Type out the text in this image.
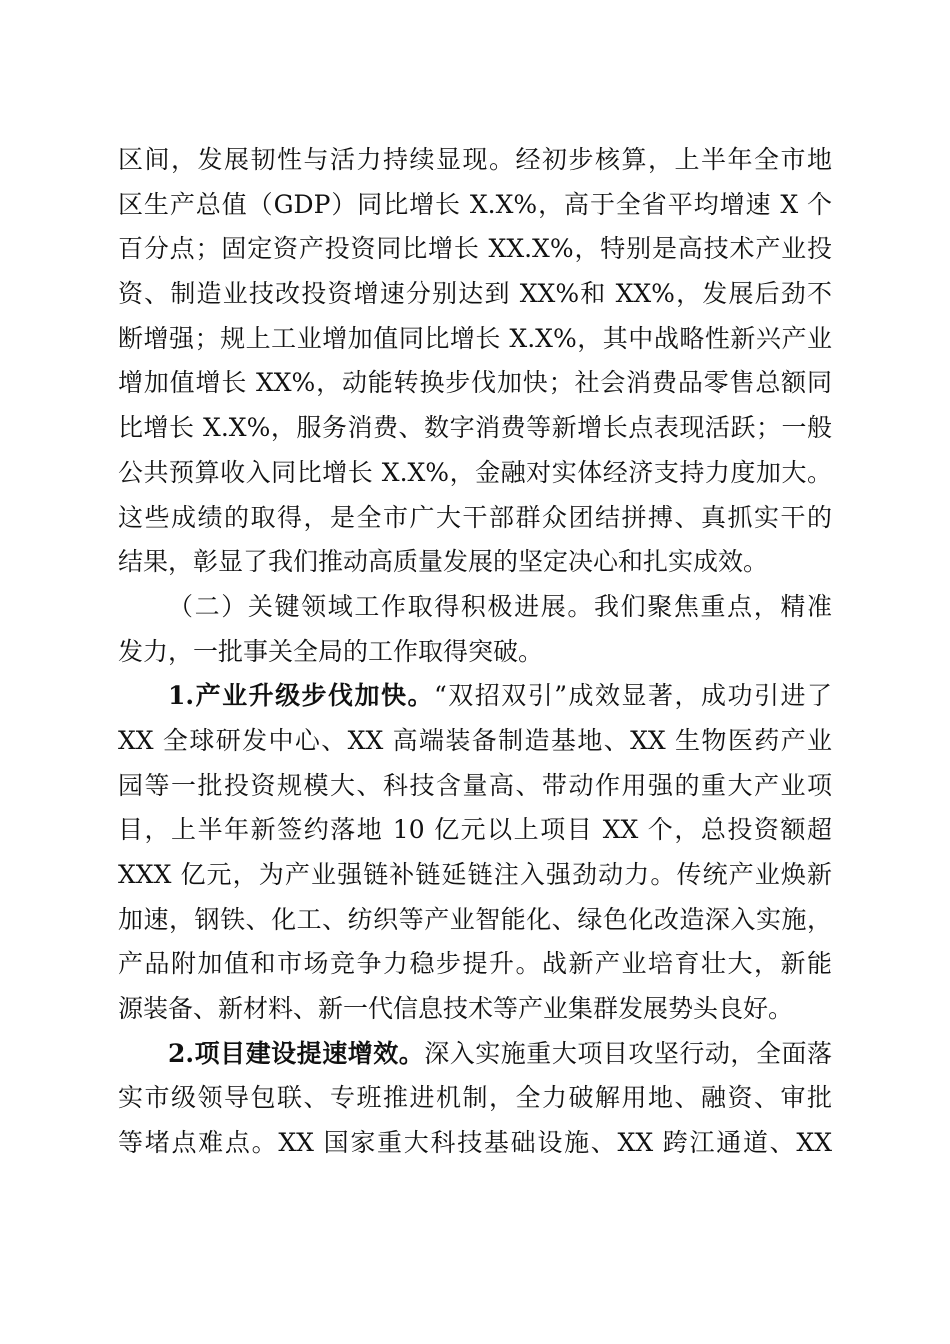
区间，发展韧性与活力持续显现。经初步核算，上半年全市地
区生产总值（GDP）同比增长 X.X%，高于全省平均增速 X 个
百分点；固定资产投资同比增长 XX.X%，特别是高技术产业投
资、制造业技改投资增速分别达到 XX%和 XX%，发展后劲不
断增强；规上工业增加值同比增长 X.X%，其中战略性新兴产业
增加值增长 XX%，动能转换步伐加快；社会消费品零售总额同
比增长 X.X%，服务消费、数字消费等新增长点表现活跃；一般
公共预算收入同比增长 X.X%，金融对实体经济支持力度加大。
这些成绩的取得，是全市广大干部群众团结拼搏、真抓实干的
结果，彰显了我们推动高质量发展的坚定决心和扎实成效。
（二）关键领域工作取得积极进展。我们聚焦重点，精准
发力，一批事关全局的工作取得突破。
1.产业升级步伐加快。“双招双引”成效显著，成功引进了
XX 全球研发中心、XX 高端装备制造基地、XX 生物医药产业
园等一批投资规模大、科技含量高、带动作用强的重大产业项
目，上半年新签约落地 10 亿元以上项目 XX 个，总投资额超
XXX 亿元，为产业强链补链延链注入强劲动力。传统产业焕新
加速，钢铁、化工、纺织等产业智能化、绿色化改造深入实施，
产品附加值和市场竞争力稳步提升。战新产业培育壮大，新能
源装备、新材料、新一代信息技术等产业集群发展势头良好。
2.项目建设提速增效。深入实施重大项目攻坚行动，全面落
实市级领导包联、专班推进机制，全力破解用地、融资、审批
等堵点难点。XX 国家重大科技基础设施、XX 跨江通道、XX
